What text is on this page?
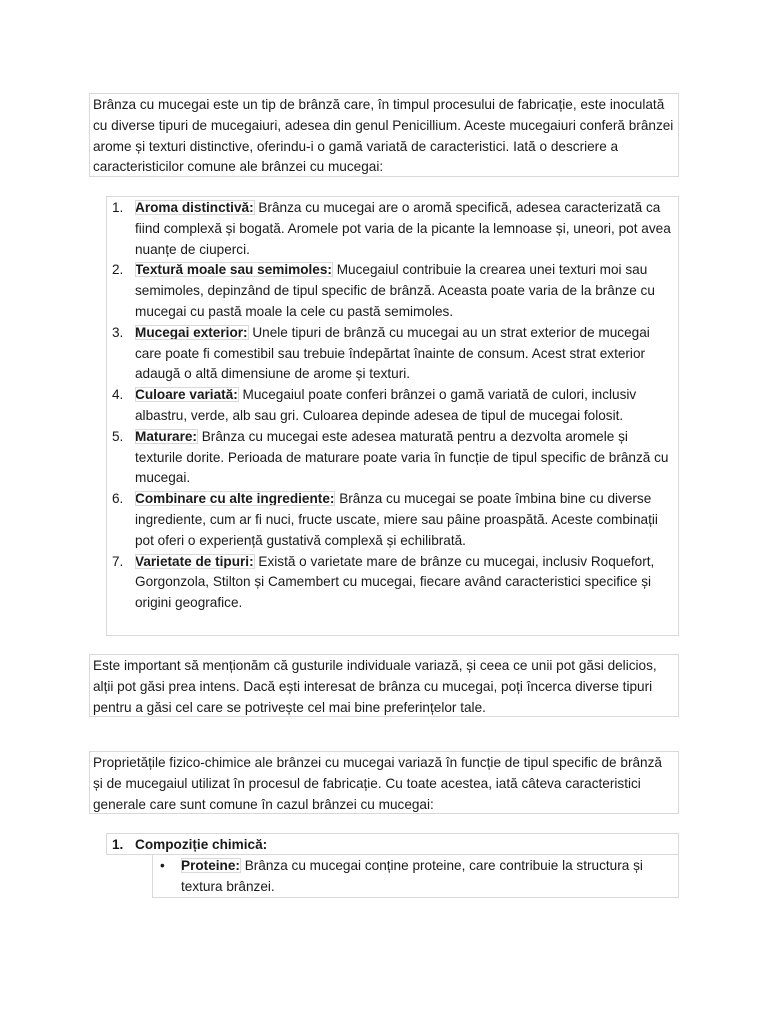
Brânza cu mucegai este un tip de brânză care, în timpul procesului de fabricație, este inoculată cu diverse tipuri de mucegaiuri, adesea din genul Penicillium. Aceste mucegaiuri conferă brânzei arome și texturi distinctive, oferindu-i o gamă variată de caracteristici. Iată o descriere a caracteristicilor comune ale brânzei cu mucegai:

1. Aroma distinctivă: Brânza cu mucegai are o aromă specifică, adesea caracterizată ca fiind complexă și bogată. Aromele pot varia de la picante la lemnoase și, uneori, pot avea nuanțe de ciuperci.
2. Textură moale sau semimoles: Mucegaiul contribuie la crearea unei texturi moi sau semimoles, depinzând de tipul specific de brânză. Aceasta poate varia de la brânze cu mucegai cu pastă moale la cele cu pastă semimoles.
3. Mucegai exterior: Unele tipuri de brânză cu mucegai au un strat exterior de mucegai care poate fi comestibil sau trebuie îndepărtat înainte de consum. Acest strat exterior adaugă o altă dimensiune de arome și texturi.
4. Culoare variată: Mucegaiul poate conferi brânzei o gamă variată de culori, inclusiv albastru, verde, alb sau gri. Culoarea depinde adesea de tipul de mucegai folosit.
5. Maturare: Brânza cu mucegai este adesea maturată pentru a dezvolta aromele și texturile dorite. Perioada de maturare poate varia în funcție de tipul specific de brânză cu mucegai.
6. Combinare cu alte ingrediente: Brânza cu mucegai se poate îmbina bine cu diverse ingrediente, cum ar fi nuci, fructe uscate, miere sau pâine proaspătă. Aceste combinații pot oferi o experiență gustativă complexă și echilibrată.
7. Varietate de tipuri: Există o varietate mare de brânze cu mucegai, inclusiv Roquefort, Gorgonzola, Stilton și Camembert cu mucegai, fiecare având caracteristici specifice și origini geografice.

Este important să menționăm că gusturile individuale variază, și ceea ce unii pot găsi delicios, alții pot găsi prea intens. Dacă ești interesat de brânza cu mucegai, poți încerca diverse tipuri pentru a găsi cel care se potrivește cel mai bine preferințelor tale.

Proprietățile fizico-chimice ale brânzei cu mucegai variază în funcție de tipul specific de brânză și de mucegaiul utilizat în procesul de fabricație. Cu toate acestea, iată câteva caracteristici generale care sunt comune în cazul brânzei cu mucegai:

1. Compoziție chimică:
• Proteine: Brânza cu mucegai conține proteine, care contribuie la structura și textura brânzei.
